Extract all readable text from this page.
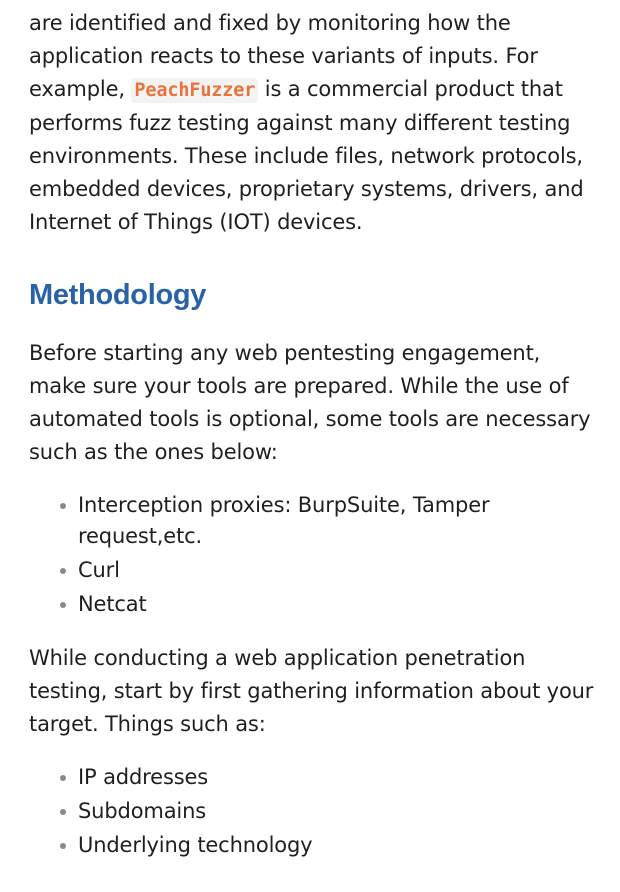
are identified and fixed by monitoring how the application reacts to these variants of inputs. For example, PeachFuzzer is a commercial product that performs fuzz testing against many different testing environments. These include files, network protocols, embedded devices, proprietary systems, drivers, and Internet of Things (IOT) devices.

Methodology

Before starting any web pentesting engagement, make sure your tools are prepared. While the use of automated tools is optional, some tools are necessary such as the ones below:

Interception proxies: BurpSuite, Tamper request,etc.
Curl
Netcat

While conducting a web application penetration testing, start by first gathering information about your target. Things such as:

IP addresses
Subdomains
Underlying technology
